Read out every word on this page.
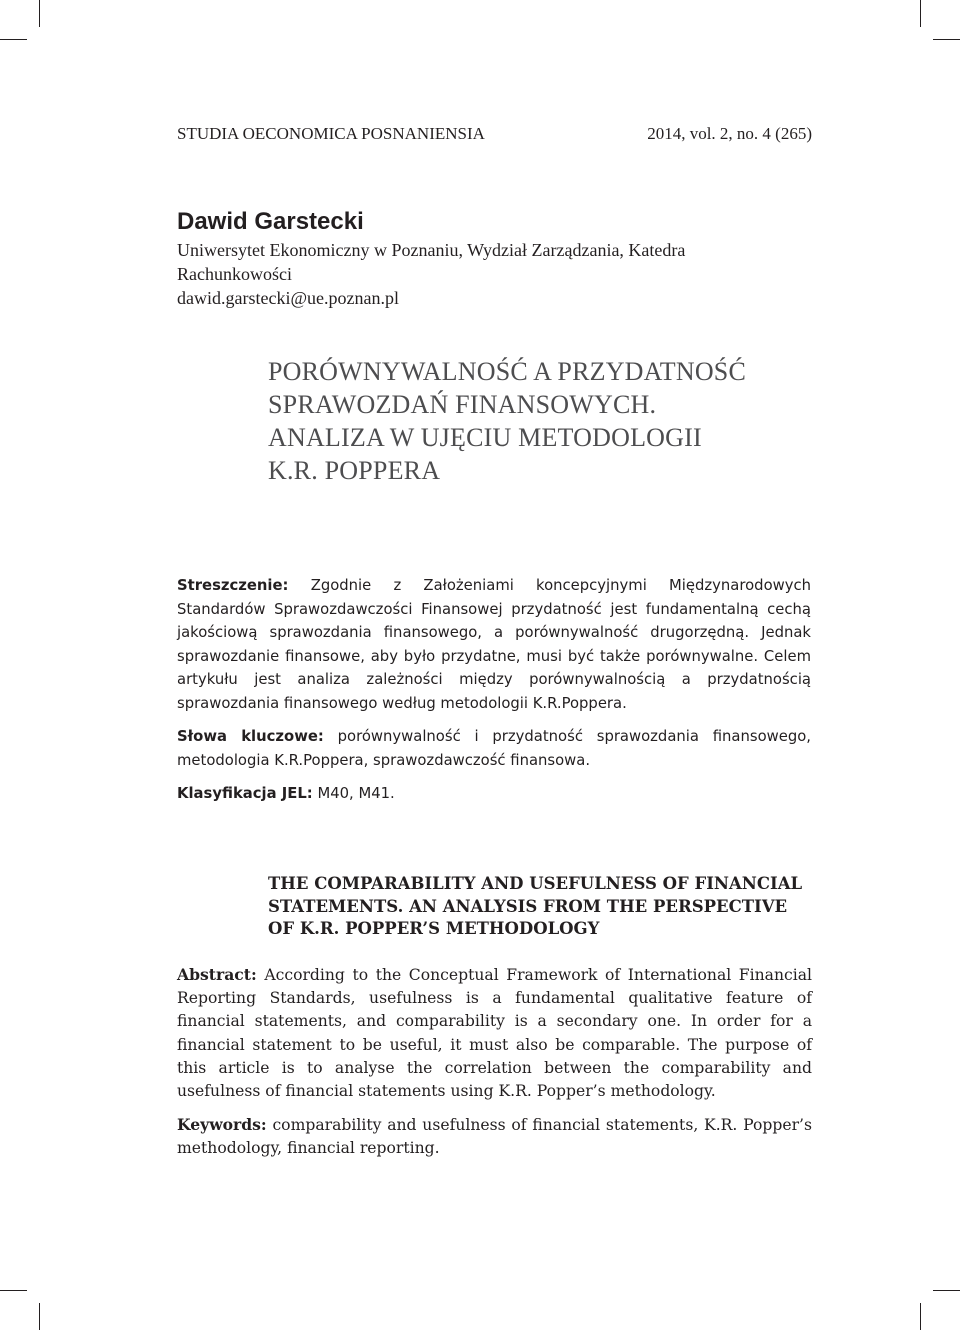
STUDIA OECONOMICA POSNANIENSIA	2014, vol. 2, no. 4 (265)
Dawid Garstecki
Uniwersytet Ekonomiczny w Poznaniu, Wydział Zarządzania, Katedra Rachunkowości
dawid.garstecki@ue.poznan.pl
PORÓWNYWALNOŚĆ A PRZYDATNOŚĆ
SPRAWOZDAŃ FINANSOWYCH.
ANALIZA W UJĘCIU METODOLOGII
K.R. POPPERA

Streszczenie: Zgodnie z Założeniami koncepcyjnymi Międzynarodowych Standardów Sprawozdawczości Finansowej przydatność jest fundamentalną cechą jakościową sprawozdania finansowego, a porównywalność drugorzędną. Jednak sprawozdanie finansowe, aby było przydatne, musi być także porównywalne. Celem artykułu jest analiza zależności między porównywalnością a przydatnością sprawozdania finansowego według metodologii K.R.Poppera.

Słowa kluczowe: porównywalność i przydatność sprawozdania finansowego, metodologia K.R.Poppera, sprawozdawczość finansowa.

Klasyfikacja JEL: M40, M41.

THE COMPARABILITY AND USEFULNESS OF FINANCIAL
STATEMENTS. AN ANALYSIS FROM THE PERSPECTIVE
OF K.R. POPPER’S METHODOLOGY

Abstract: According to the Conceptual Framework of International Financial Reporting Standards, usefulness is a fundamental qualitative feature of financial statements, and comparability is a secondary one. In order for a financial statement to be useful, it must also be comparable. The purpose of this article is to analyse the correlation between the comparability and usefulness of financial statements using K.R. Popper’s methodology.

Keywords: comparability and usefulness of financial statements, K.R. Popper’s methodology, financial reporting.
